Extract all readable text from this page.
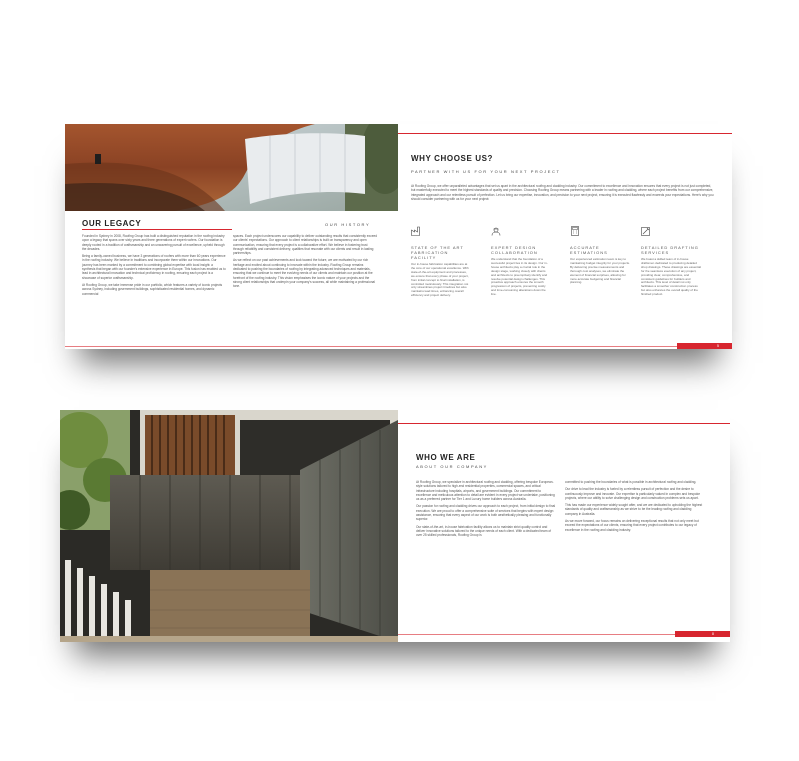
OUR LEGACY	OUR HISTORY

Founded in Sydney in 2008, Roofing Group has built a distinguished reputation in the roofing industry upon a legacy that spans over sixty years and three generations of expert roofers. Our foundation is deeply rooted in a tradition of craftsmanship and an unwavering pursuit of excellence, upheld through the decades.

Being a family-owned business, we have 3 generations of roofers with more than 60 years experience in the roofing industry. We believe in traditions and incorporate them within our innovations. Our journey has been marked by a commitment to combining global expertise with local insight: a synthesis that began with our founder's extensive experience in Europe. This fusion has enabled us to lead in architectural innovation and technical proficiency in roofing, ensuring each project is a showcase of superior craftsmanship.

At Roofing Group, we take immense pride in our portfolio, which features a variety of iconic projects across Sydney, including government buildings, sophisticated residential homes, and dynamic commercial

spaces. Each project underscores our capability to deliver outstanding results that consistently exceed our clients' expectations. Our approach to client relationships is built on transparency and open communication, ensuring that every project is a collaborative effort. We believe in fostering trust through reliability and consistent delivery, qualities that resonate with our clients and result in lasting partnerships.

As we reflect on our past achievements and look toward the future, we are motivated by our rich heritage and excited about continuing to innovate within the industry. Roofing Group remains dedicated to pushing the boundaries of roofing by integrating advanced techniques and materials, ensuring that we continue to meet the evolving needs of our clients and maintain our position at the forefront of the roofing industry. This vision emphasises the iconic nature of your projects and the strong client relationships that underpin your company's success, all while maintaining a professional tone.

WHY CHOOSE US?
PARTNER WITH US FOR YOUR NEXT PROJECT
At Roofing Group, we offer unparalleled advantages that set us apart in the architectural roofing and cladding industry. Our commitment to excellence and innovation ensures that every project is not just completed, but masterfully executed to meet the highest standards of quality and precision. Choosing Roofing Group means partnering with a leader in roofing and cladding, where each project benefits from our comprehensive, integrated approach and our relentless pursuit of perfection. Let us bring our expertise, innovation, and precision to your next project, ensuring it is executed flawlessly and exceeds your expectations. Here's why you should consider partnering with us for your next project:
STATE OF THE ART FABRICATION FACILITY
Our in-house fabrication capabilities are at the core of our operational excellence. With state-of-the-art equipment and processes, we ensure that every phase of your project, from initial concept to final installation, is controlled meticulously. This integration not only streamlines project timelines but also maintains lead times, enhancing overall efficiency and project delivery.
EXPERT DESIGN COLLABORATION
We understand that the foundation of a successful project lies in its design. Our in-house architects play a crucial role in the design stage, working closely with clients and architects to preemptively identify and resolve potential design challenges. This proactive approach ensures the smooth progression of projects, preventing costly and time-consuming alterations down the line.
ACCURATE ESTIMATIONS
Our experienced estimation team is key to maintaining budget integrity for your projects. By delivering precise measurements and thorough cost analyses, we eliminate the element of financial surprises, allowing for more accurate budgeting and financial planning.
DETAILED DRAFTING SERVICES
We boast a skilled team of in-house draftsmen dedicated to producing detailed shop drawings. These drawings are essential for the seamless execution of any project, providing clear, comprehensive, and consistent guidelines for builders and architects. This level of detail not only facilitates a smoother construction process but also enhances the overall quality of the finished product.
5
WHO WE ARE
ABOUT OUR COMPANY

At Roofing Group, we specialize in architectural roofing and cladding, offering bespoke European-style solutions tailored to high-end residential properties, commercial spaces, and critical infrastructure including hospitals, airports, and government buildings. Our commitment to excellence and meticulous attention to detail are evident in every project we undertake, positioning us as a preferred partner for Tier 1 and Luxury home builders across Australia.

Our passion for roofing and cladding drives our approach to each project, from initial design to final execution. We are proud to offer a comprehensive suite of services that begins with expert design assistance, ensuring that every aspect of our work is both aesthetically pleasing and functionally superior.

Our state-of-the-art, in-house fabrication facility allows us to maintain strict quality control and deliver innovative solutions tailored to the unique needs of each client. With a dedicated team of over 25 skilled professionals, Roofing Group is

committed to pushing the boundaries of what is possible in architectural roofing and cladding.

Our drive to lead the industry is fueled by a relentless pursuit of perfection and the desire to continuously improve and innovate. Our expertise is particularly valued in complex and bespoke projects, where our ability to solve challenging design and construction problems sets us apart.

This has made our experience widely sought after, and we are dedicated to upholding the highest standards of quality and craftsmanship as we strive to be the leading roofing and cladding company in Australia.

As we move forward, our focus remains on delivering exceptional results that not only meet but exceed the expectations of our clients, ensuring that every project contributes to our legacy of excellence in the roofing and cladding industry.

8
